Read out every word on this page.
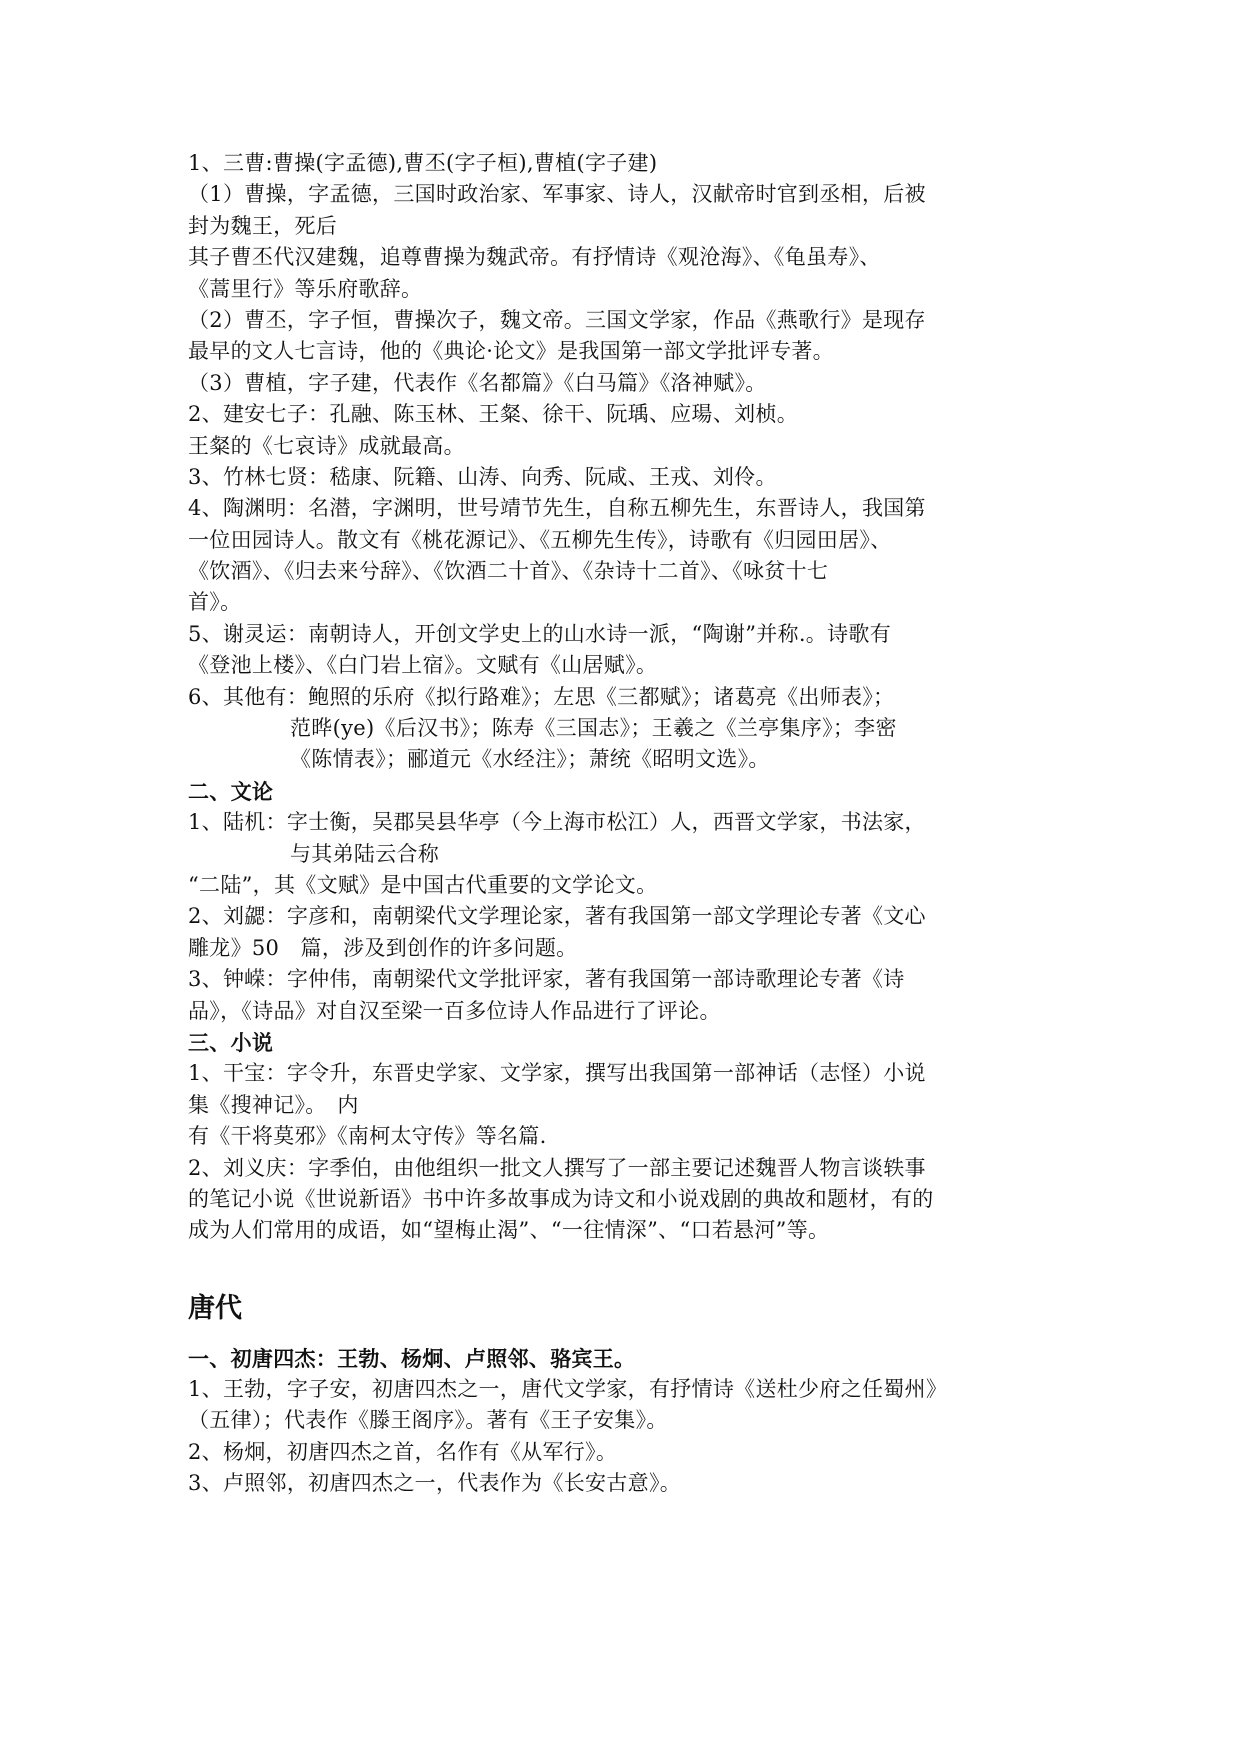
1、三曹:曹操(字孟德),曹丕(字子桓),曹植(字子建)
（1）曹操，字孟德，三国时政治家、军事家、诗人，汉献帝时官到丞相，后被
封为魏王，死后
其子曹丕代汉建魏，追尊曹操为魏武帝。有抒情诗《观沧海》、《龟虽寿》、
《蒿里行》等乐府歌辞。
（2）曹丕，字子恒，曹操次子，魏文帝。三国文学家，作品《燕歌行》是现存
最早的文人七言诗，他的《典论·论文》是我国第一部文学批评专著。
（3）曹植，字子建，代表作《名都篇》《白马篇》《洛神赋》。
2、建安七子：孔融、陈玉林、王粲、徐干、阮瑀、应瑒、刘桢。
王粲的《七哀诗》成就最高。
3、竹林七贤：嵇康、阮籍、山涛、向秀、阮咸、王戎、刘伶。
4、陶渊明：名潜，字渊明，世号靖节先生，自称五柳先生，东晋诗人，我国第
一位田园诗人。散文有《桃花源记》、《五柳先生传》，诗歌有《归园田居》、
《饮酒》、《归去来兮辞》、《饮酒二十首》、《杂诗十二首》、《咏贫十七
首》。
5、谢灵运：南朝诗人，开创文学史上的山水诗一派，“陶谢”并称.。诗歌有
《登池上楼》、《白门岩上宿》。文赋有《山居赋》。
6、其他有：鲍照的乐府《拟行路难》；左思《三都赋》；诸葛亮《出师表》；
范晔(ye)《后汉书》；陈寿《三国志》；王羲之《兰亭集序》；李密
《陈情表》；郦道元《水经注》；萧统《昭明文选》。
二、文论
1、陆机：字士衡，吴郡吴县华亭（今上海市松江）人，西晋文学家，书法家，
与其弟陆云合称
“二陆”，其《文赋》是中国古代重要的文学论文。
2、刘勰：字彦和，南朝梁代文学理论家，著有我国第一部文学理论专著《文心
雕龙》50　篇，涉及到创作的许多问题。
3、钟嵘：字仲伟，南朝梁代文学批评家，著有我国第一部诗歌理论专著《诗
品》，《诗品》对自汉至梁一百多位诗人作品进行了评论。
三、小说
1、干宝：字令升，东晋史学家、文学家，撰写出我国第一部神话（志怪）小说
集《搜神记》。　内
有《干将莫邪》《南柯太守传》等名篇.
2、刘义庆：字季伯，由他组织一批文人撰写了一部主要记述魏晋人物言谈轶事
的笔记小说《世说新语》书中许多故事成为诗文和小说戏剧的典故和题材，有的
成为人们常用的成语，如“望梅止渴”、“一往情深”、“口若悬河”等。
唐代
一、初唐四杰：王勃、杨炯、卢照邻、骆宾王。
1、王勃，字子安，初唐四杰之一，唐代文学家，有抒情诗《送杜少府之任蜀州》
（五律）；代表作《滕王阁序》。著有《王子安集》。
2、杨炯，初唐四杰之首，名作有《从军行》。
3、卢照邻，初唐四杰之一，代表作为《长安古意》。
